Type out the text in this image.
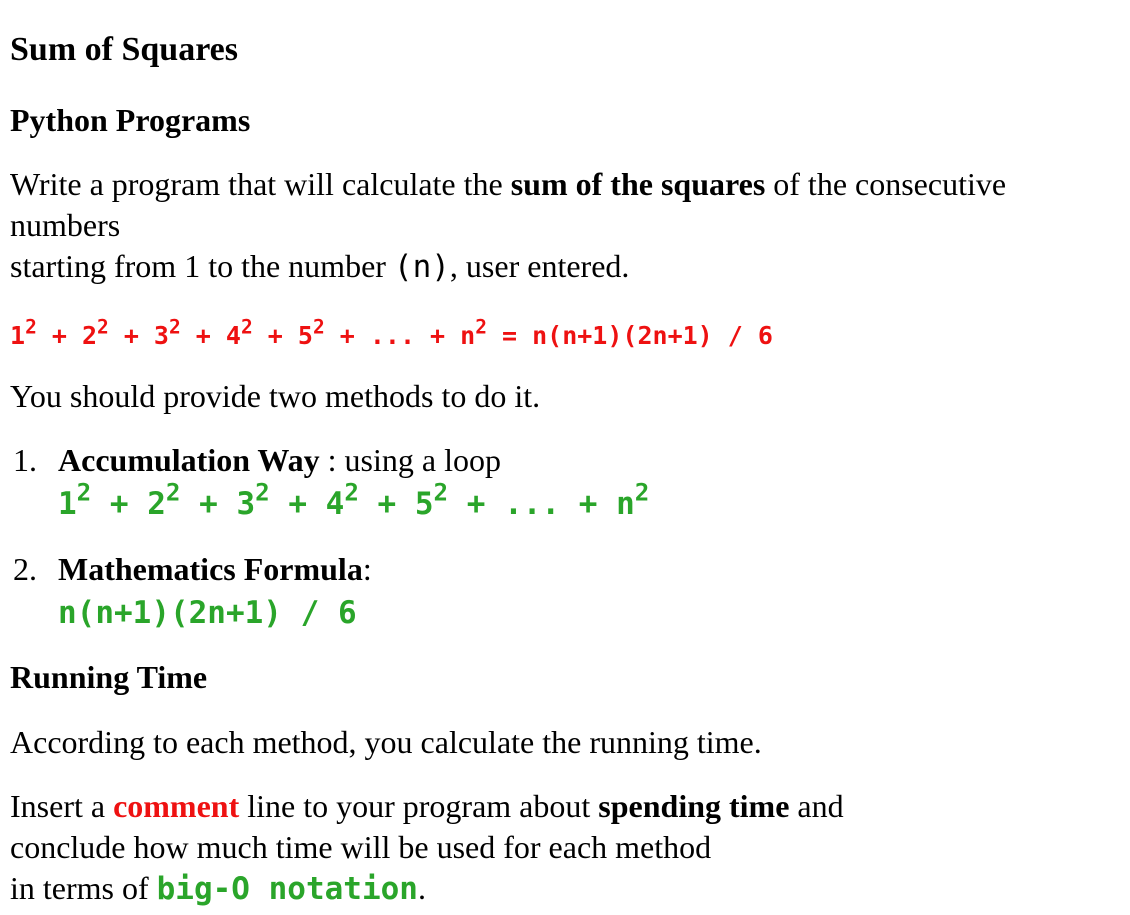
Sum of Squares
Python Programs

Write a program that will calculate the sum of the squares of the consecutive numbers
starting from 1 to the number (n), user entered.

$1^2 + 2^2 + 3^2 + 4^2 + 5^2$ + ... + $n^2 = n(n+1)(2n+1) / 6$

You should provide two methods to do it.

1. Accumulation Way : using a loop
$1^2 + 2^2 + 3^2 + 4^2 + 5^2$ + ... + $n^2$
2. Mathematics Formula:
n(n+1)(2n+1) / 6
Running Time

According to each method, you calculate the running time.

Insert a comment line to your program about spending time and
conclude how much time will be used for each method
in terms of big-O notation.
